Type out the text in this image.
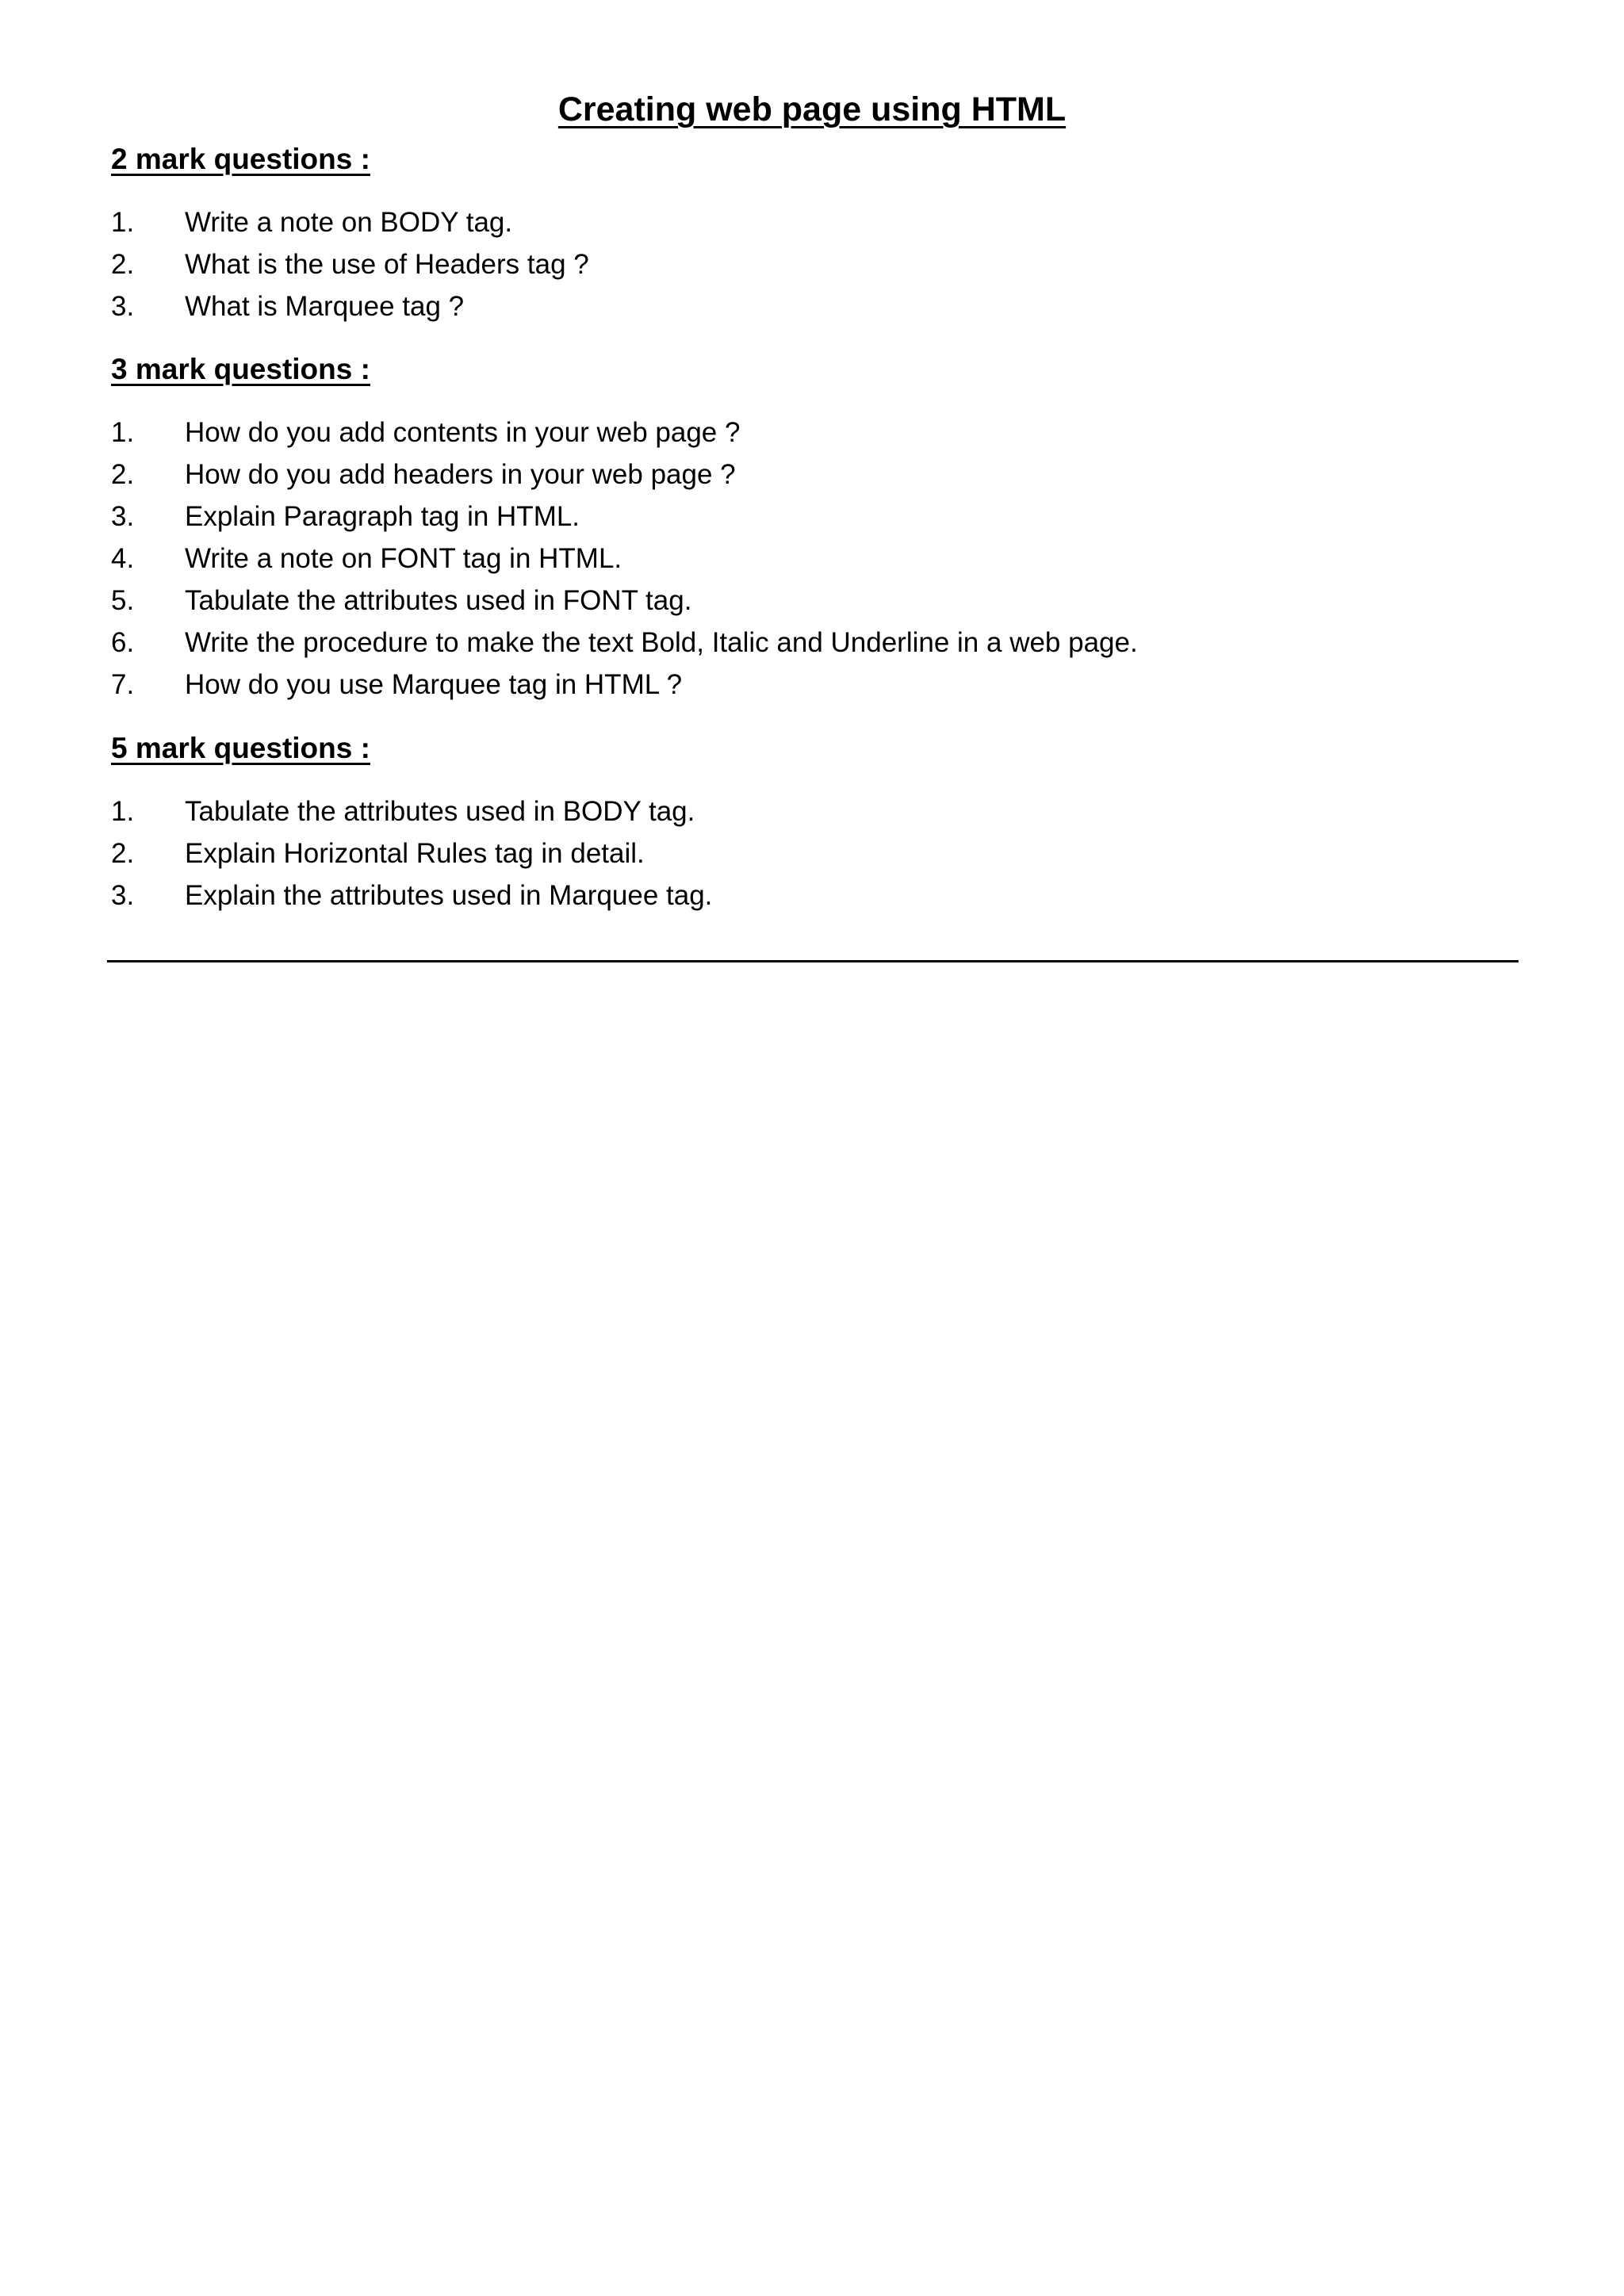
Creating web page using HTML
2 mark questions :
1.	Write a note on BODY tag.
2.	What is the use of Headers tag ?
3.	What is Marquee tag ?
3 mark questions :
1.	How do you add contents in your web page ?
2.	How do you add headers in your web page ?
3.	Explain Paragraph tag in HTML.
4.	Write a note on FONT tag in HTML.
5.	Tabulate the attributes used in FONT tag.
6.	Write the procedure to make the text Bold, Italic and Underline in a web page.
7.	How do you use Marquee tag in HTML ?
5 mark questions :
1.	Tabulate the attributes used in BODY tag.
2.	Explain Horizontal Rules tag in detail.
3.	Explain the attributes used in Marquee tag.
